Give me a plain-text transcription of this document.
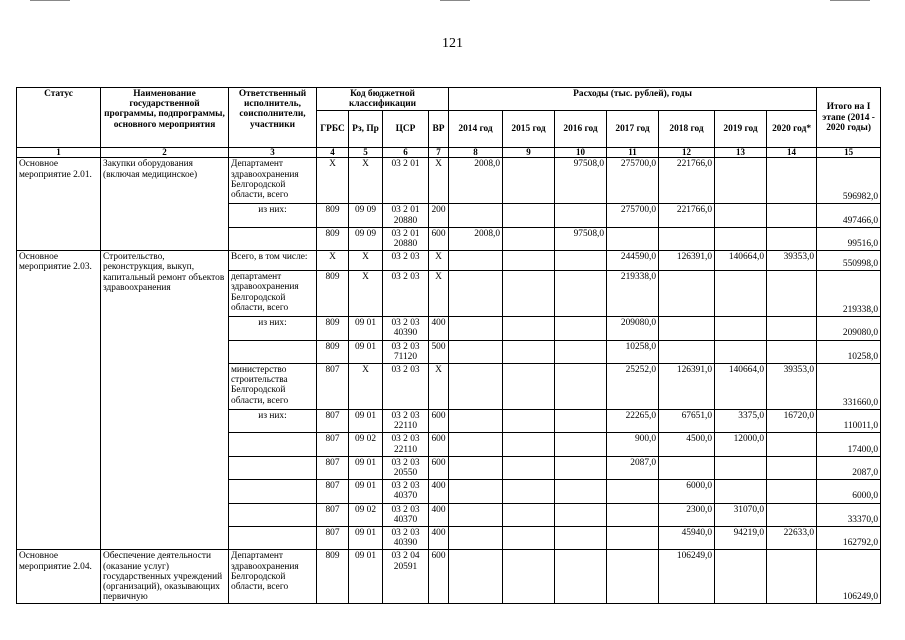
121
Статус	Наименование государственной программы, подпрограммы, основного мероприятия	Ответственный исполнитель, соисполнители, участники	Код бюджетной классификации				Расходы (тыс. рублей), годы							Итого на I этапе (2014 - 2020 годы)
			ГРБС	Рз, Пр	ЦСР	ВР	2014 год	2015 год	2016 год	2017 год	2018 год	2019 год	2020 год*	
1	2	3	4	5	6	7	8	9	10	11	12	13	14	15
Основное мероприятие 2.01.	Закупки оборудования (включая медицинское)	Департамент здравоохранения Белгородской области, всего	X	X	03 2 01	X	2008,0		97508,0	275700,0	221766,0			596982,0
		из них:	809	09 09	03 2 01 20880	200				275700,0	221766,0			497466,0
			809	09 09	03 2 01 20880	600	2008,0		97508,0					99516,0
Основное мероприятие 2.03.	Строительство, реконструкция, выкуп, капитальный ремонт объектов здравоохранения	Всего, в том числе:	X	X	03 2 03	X				244590,0	126391,0	140664,0	39353,0	550998,0
		департамент здравоохранения Белгородской области, всего	809	X	03 2 03	X				219338,0				219338,0
		из них:	809	09 01	03 2 03 40390	400				209080,0				209080,0
			809	09 01	03 2 03 71120	500				10258,0				10258,0
		министерство строительства Белгородской области, всего	807	X	03 2 03	X				25252,0	126391,0	140664,0	39353,0	331660,0
		из них:	807	09 01	03 2 03 22110	600				22265,0	67651,0	3375,0	16720,0	110011,0
			807	09 02	03 2 03 22110	600				900,0	4500,0	12000,0		17400,0
			807	09 01	03 2 03 20550	600				2087,0				2087,0
			807	09 01	03 2 03 40370	400					6000,0			6000,0
			807	09 02	03 2 03 40370	400					2300,0	31070,0		33370,0
			807	09 01	03 2 03 40390	400					45940,0	94219,0	22633,0	162792,0
Основное мероприятие 2.04.	Обеспечение деятельности (оказание услуг) государственных учреждений (организаций), оказывающих первичную	Департамент здравоохранения Белгородской области, всего	809	09 01	03 2 04 20591	600					106249,0			106249,0
